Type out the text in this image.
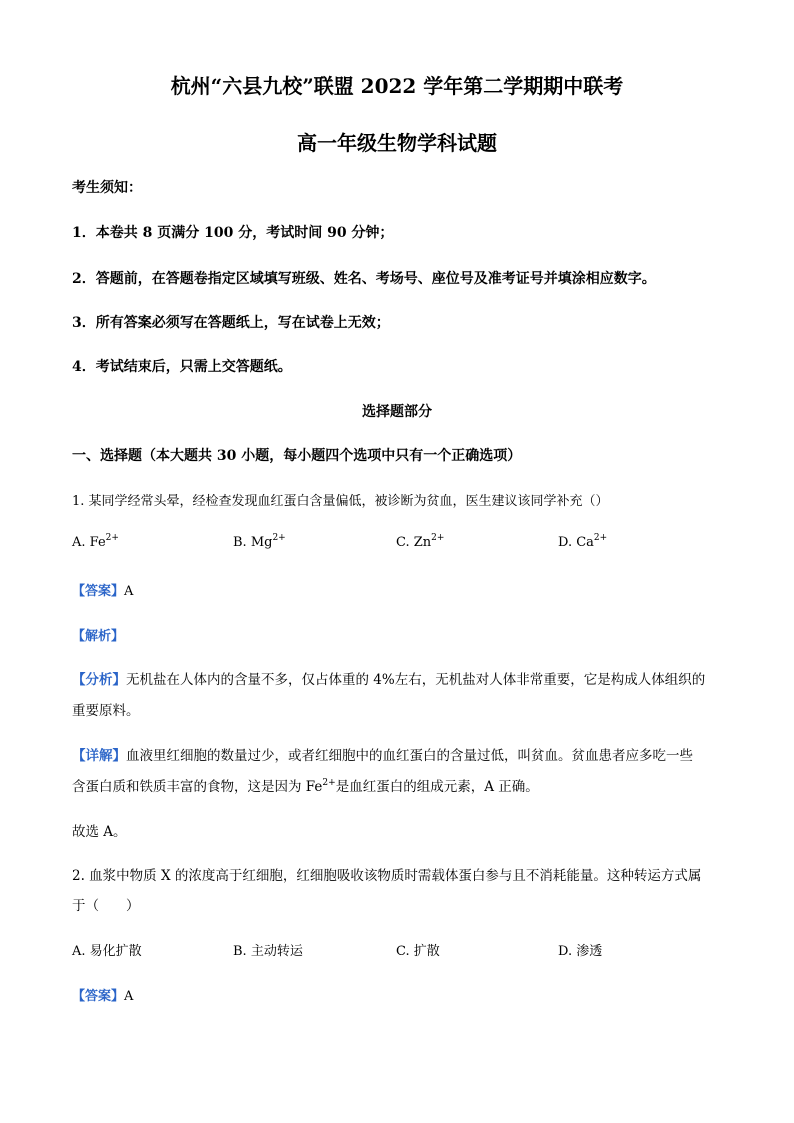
杭州“六县九校”联盟 2022 学年第二学期期中联考
高一年级生物学科试题
考生须知：
1．本卷共 8 页满分 100 分，考试时间 90 分钟；
2．答题前，在答题卷指定区域填写班级、姓名、考场号、座位号及准考证号并填涂相应数字。
3．所有答案必须写在答题纸上，写在试卷上无效；
4．考试结束后，只需上交答题纸。
选择题部分
一、选择题（本大题共 30 小题，每小题四个选项中只有一个正确选项）
1. 某同学经常头晕，经检查发现血红蛋白含量偏低，被诊断为贫血，医生建议该同学补充（）
A. $Fe^{2+}$	B. $Mg^{2+}$	C. $Zn^{2+}$	D. $Ca^{2+}$
【答案】A
【解析】
【分析】无机盐在人体内的含量不多，仅占体重的 4%左右，无机盐对人体非常重要，它是构成人体组织的
重要原料。
【详解】血液里红细胞的数量过少，或者红细胞中的血红蛋白的含量过低，叫贫血。贫血患者应多吃一些
含蛋白质和铁质丰富的食物，这是因为 $Fe^{2+}$是血红蛋白的组成元素，A 正确。
故选 A。
2. 血浆中物质 X 的浓度高于红细胞，红细胞吸收该物质时需载体蛋白参与且不消耗能量。这种转运方式属
于（　　）
A. 易化扩散	B. 主动转运	C. 扩散	D. 渗透
【答案】A
